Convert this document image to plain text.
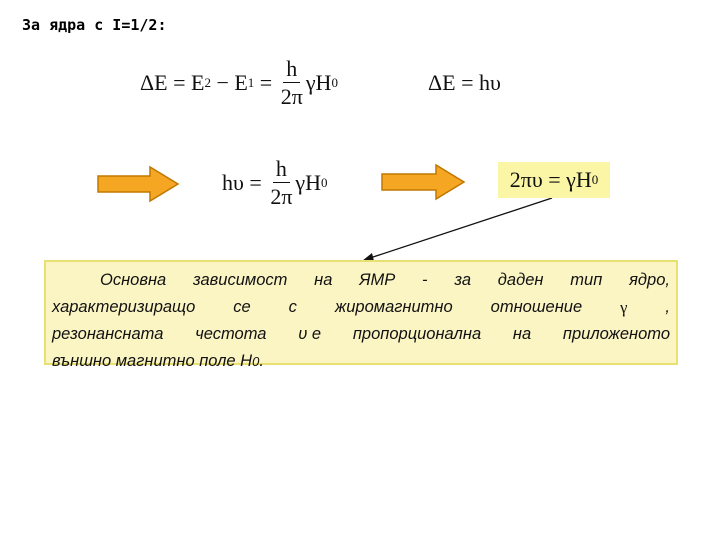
За ядра с I=1/2:
ΔE = E 2 − E $1 = \frac{h}{2\pi}$ γH 0	ΔE = hυ
$h\upsilon = \frac{h}{2\pi}$ γH 0	2πυ = γH 0
Основна зависимост на ЯМР - за даден тип ядро,
характеризиращо се с жиромагнитно отношение γ ,
резонансната честота υ е пропорционална на приложеното
външно магнитно поле H 0 .
